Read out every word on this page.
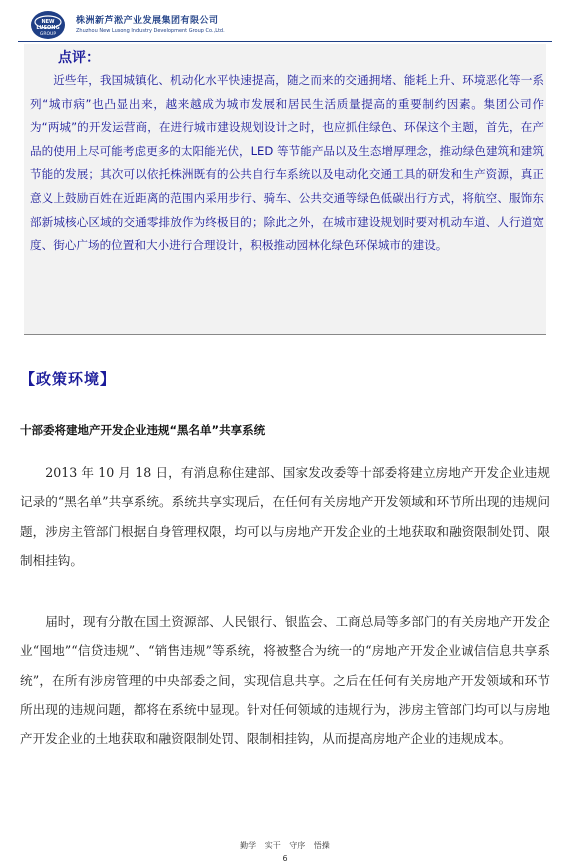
NEW
LUSONG
GROUP
株洲新芦淞产业发展集团有限公司
Zhuzhou New Lusong Industry Development Group Co.,Ltd.
点评：

近些年，我国城镇化、机动化水平快速提高，随之而来的交通拥堵、能耗上升、环境恶化等一系列“城市病”也凸显出来，越来越成为城市发展和居民生活质量提高的重要制约因素。集团公司作为“两城”的开发运营商，在进行城市建设规划设计之时，也应抓住绿色、环保这个主题，首先，在产品的使用上尽可能考虑更多的太阳能光伏，LED 等节能产品以及生态增厚理念，推动绿色建筑和建筑节能的发展；其次可以依托株洲既有的公共自行车系统以及电动化交通工具的研发和生产资源，真正意义上鼓励百姓在近距离的范围内采用步行、骑车、公共交通等绿色低碳出行方式，将航空、服饰东部新城核心区域的交通零排放作为终极目的；除此之外，在城市建设规划时要对机动车道、人行道宽度、街心广场的位置和大小进行合理设计，积极推动园林化绿色环保城市的建设。

【政策环境】
十部委将建地产开发企业违规“黑名单”共享系统

2013 年 10 月 18 日，有消息称住建部、国家发改委等十部委将建立房地产开发企业违规记录的“黑名单”共享系统。系统共享实现后，在任何有关房地产开发领域和环节所出现的违规问题，涉房主管部门根据自身管理权限，均可以与房地产开发企业的土地获取和融资限制处罚、限制相挂钩。

届时，现有分散在国土资源部、人民银行、银监会、工商总局等多部门的有关房地产开发企业“囤地”“信贷违规”、“销售违规”等系统，将被整合为统一的“房地产开发企业诚信信息共享系统”，在所有涉房管理的中央部委之间，实现信息共享。之后在任何有关房地产开发领域和环节所出现的违规问题，都将在系统中显现。针对任何领域的违规行为，涉房主管部门均可以与房地产开发企业的土地获取和融资限制处罚、限制相挂钩，从而提高房地产企业的违规成本。

勤学 实干 守序 悟操
6
